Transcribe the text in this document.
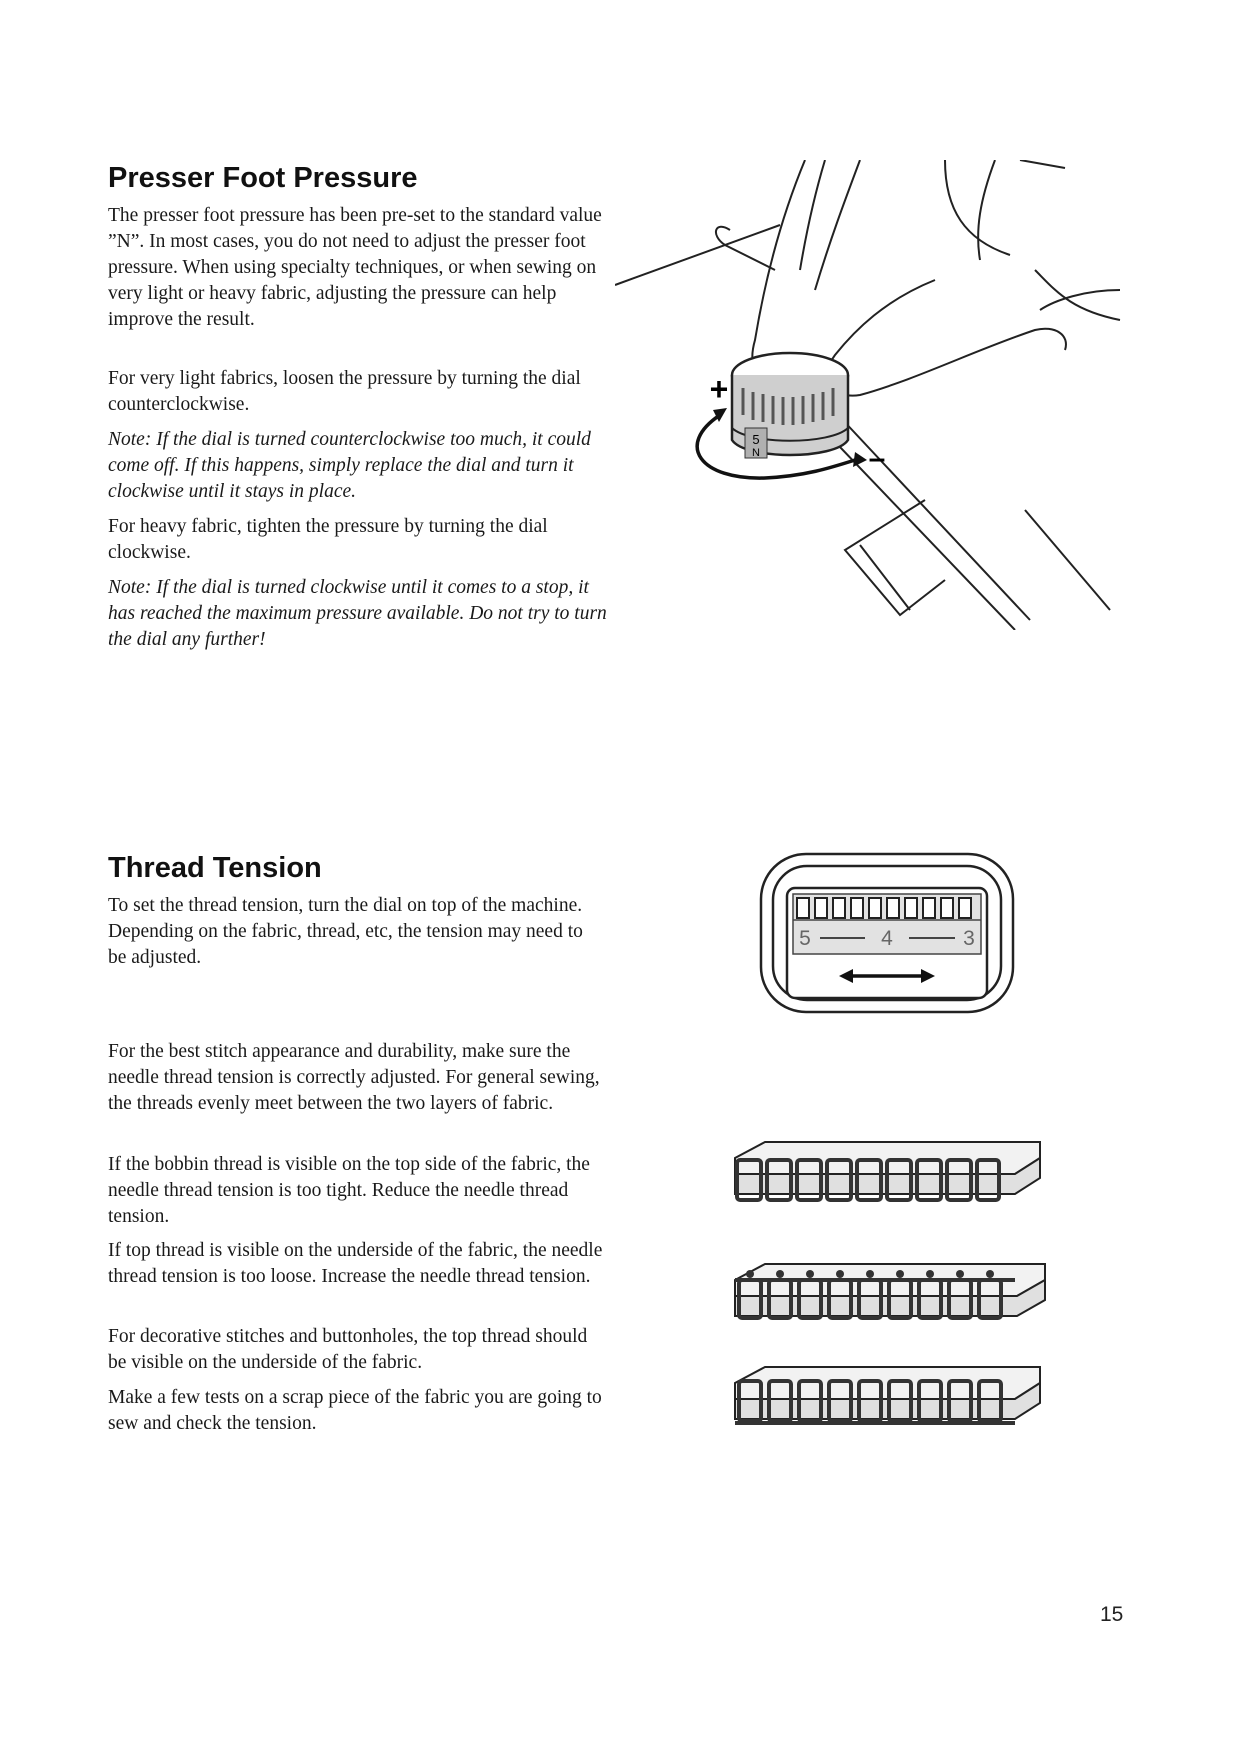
Presser Foot Pressure

The presser foot pressure has been pre-set to the standard value ”N”. In most cases, you do not need to adjust the presser foot pressure. When using specialty techniques, or when sewing on very light or heavy fabric, adjusting the pressure can help improve the result.

For very light fabrics, loosen the pressure by turning the dial counterclockwise.

Note: If the dial is turned counterclockwise too much, it could come off. If this happens, simply replace the dial and turn it clockwise until it stays in place.

For heavy fabric, tighten the pressure by turning the dial clockwise.

Note: If the dial is turned clockwise until it comes to a stop, it has reached the maximum pressure available. Do not try to turn the dial any further!

5
N
+
–
Thread Tension

To set the thread tension, turn the dial on top of the machine. Depending on the fabric, thread, etc, the tension may need to be adjusted.

For the best stitch appearance and durability, make sure the needle thread tension is correctly adjusted. For general sewing, the threads evenly meet between the two layers of fabric.

If the bobbin thread is visible on the top side of the fabric, the needle thread tension is too tight. Reduce the needle thread tension.

If top thread is visible on the underside of the fabric, the needle thread tension is too loose. Increase the needle thread tension.

For decorative stitches and buttonholes, the top thread should be visible on the underside of the fabric.

Make a few tests on a scrap piece of the fabric you are going to sew and check the tension.

5	4	3
15
